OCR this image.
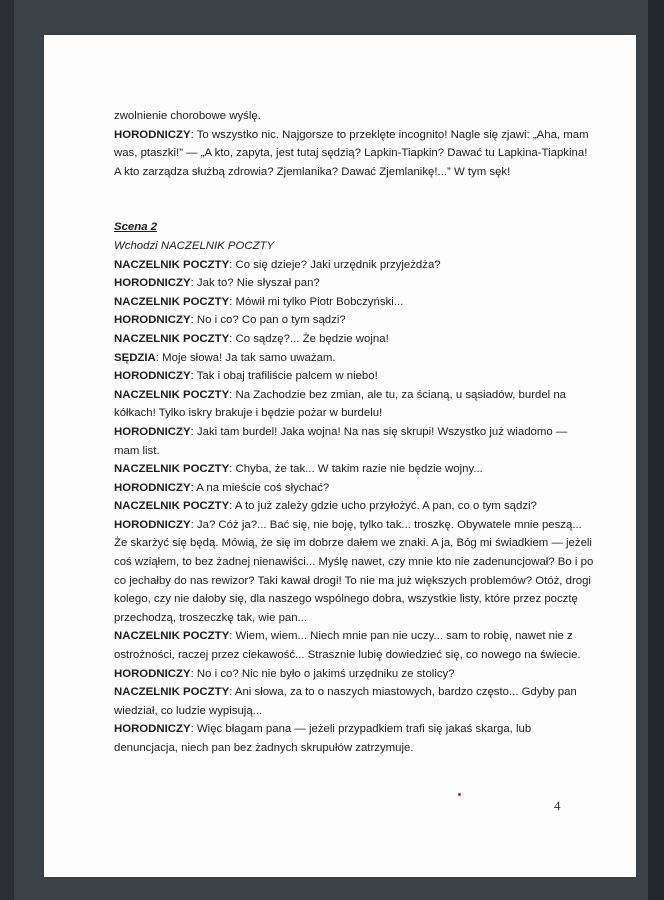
zwolnienie chorobowe wyślę.

HORODNICZY: To wszystko nic. Najgorsze to przeklęte incognito! Nagle się zjawi: „Aha, mam was, ptaszki!” — „A kto, zapyta, jest tutaj sędzią? Lapkin-Tiapkin? Dawać tu Lapkina-Tiapkina! A kto zarządza służbą zdrowia? Zjemlanika? Dawać Zjemlanikę!...” W tym sęk!

Scena 2

Wchodzi NACZELNIK POCZTY

NACZELNIK POCZTY: Co się dzieje? Jaki urzędnik przyjeżdża?

HORODNICZY: Jak to? Nie słyszał pan?

NACZELNIK POCZTY: Mówił mi tylko Piotr Bobczyński...

HORODNICZY: No i co? Co pan o tym sądzi?

NACZELNIK POCZTY: Co sądzę?... Że będzie wojna!

SĘDZIA: Moje słowa! Ja tak samo uważam.

HORODNICZY: Tak i obaj trafiliście palcem w niebo!

NACZELNIK POCZTY: Na Zachodzie bez zmian, ale tu, za ścianą, u sąsiadów, burdel na kółkach! Tylko iskry brakuje i będzie pożar w burdelu!

HORODNICZY: Jaki tam burdel! Jaka wojna! Na nas się skrupi! Wszystko już wiadomo — mam list.

NACZELNIK POCZTY: Chyba, że tak... W takim razie nie będzie wojny...

HORODNICZY: A na mieście coś słychać?

NACZELNIK POCZTY: A to już zależy gdzie ucho przyłożyć. A pan, co o tym sądzi?

HORODNICZY: Ja? Cóż ja?... Bać się, nie boję, tylko tak... troszkę. Obywatele mnie peszą... Że skarżyć się będą. Mówią, że się im dobrze dałem we znaki. A ja, Bóg mi świadkiem — jeżeli coś wziąłem, to bez żadnej nienawiści... Myślę nawet, czy mnie kto nie zadenuncjował? Bo i po co jechałby do nas rewizor? Taki kawał drogi! To nie ma już większych problemów? Otóż, drogi kolego, czy nie dałoby się, dla naszego wspólnego dobra, wszystkie listy, które przez pocztę przechodzą, troszeczkę tak, wie pan...

NACZELNIK POCZTY: Wiem, wiem... Niech mnie pan nie uczy... sam to robię, nawet nie z ostrożności, raczej przez ciekawość... Strasznie lubię dowiedzieć się, co nowego na świecie.

HORODNICZY: No i co? Nic nie było o jakimś urzędniku ze stolicy?

NACZELNIK POCZTY: Ani słowa, za to o naszych miastowych, bardzo często... Gdyby pan wiedział, co ludzie wypisują...

HORODNICZY: Więc błagam pana — jeżeli przypadkiem trafi się jakaś skarga, lub denuncjacja, niech pan bez żadnych skrupułów zatrzymuje.

4
